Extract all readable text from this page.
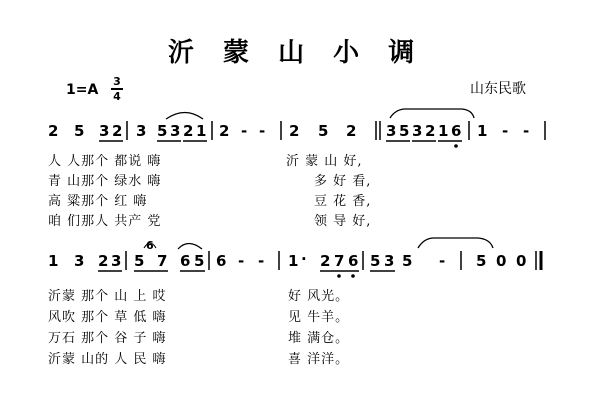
沂 蒙 山 小 调
1=A
3
4	山东民歌
2 5 3 2 3 5 3 2 1 2 - - 2 5 2 3 5 3 2 1 6 1 - -
1 3 2 3 5
6
7 6 5 6 - - 1 · 2 7 6 5 3 5 - 5 0 0
人 人那个 都说 嗨	沂 蒙 山 好,
青 山那个 绿水 嗨	多 好 看,
高 粱那个 红 嗨	豆 花 香,
咱 们那人 共产 党	领 导 好,
沂蒙 那个 山 上 哎	好 风光。
风吹 那个 草 低 嗨	见 牛羊。
万石 那个 谷 子 嗨	堆 满仓。
沂蒙 山的 人 民 嗨	喜 洋洋。
